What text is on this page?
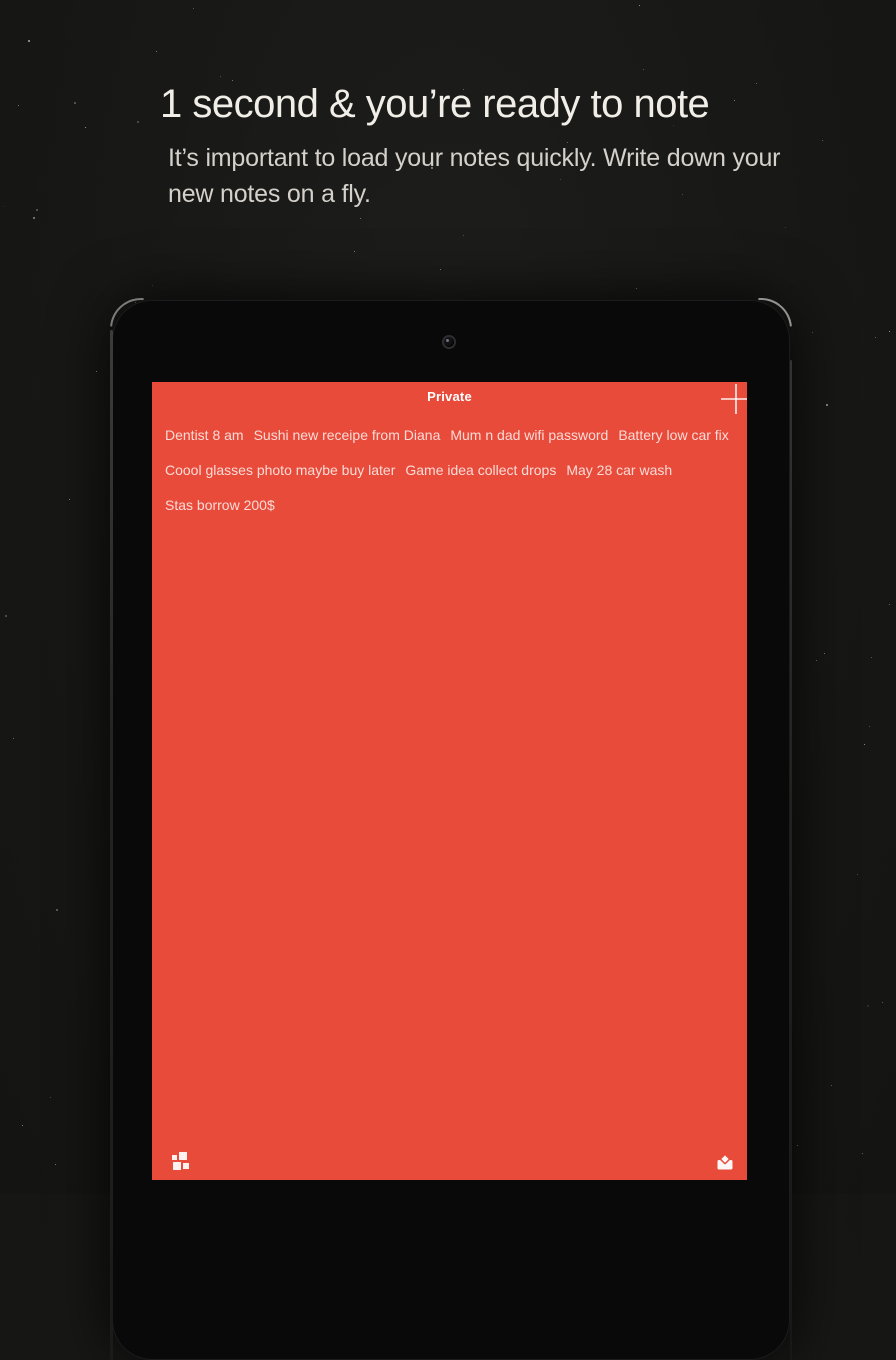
1 second & you’re ready to note

It’s important to load your notes quickly. Write down your new notes on a fly.

Private
Dentist 8 am Sushi new receipe from Diana Mum n dad wifi password Battery low car fix
Coool glasses photo maybe buy later Game idea collect drops May 28 car wash
Stas borrow 200$
